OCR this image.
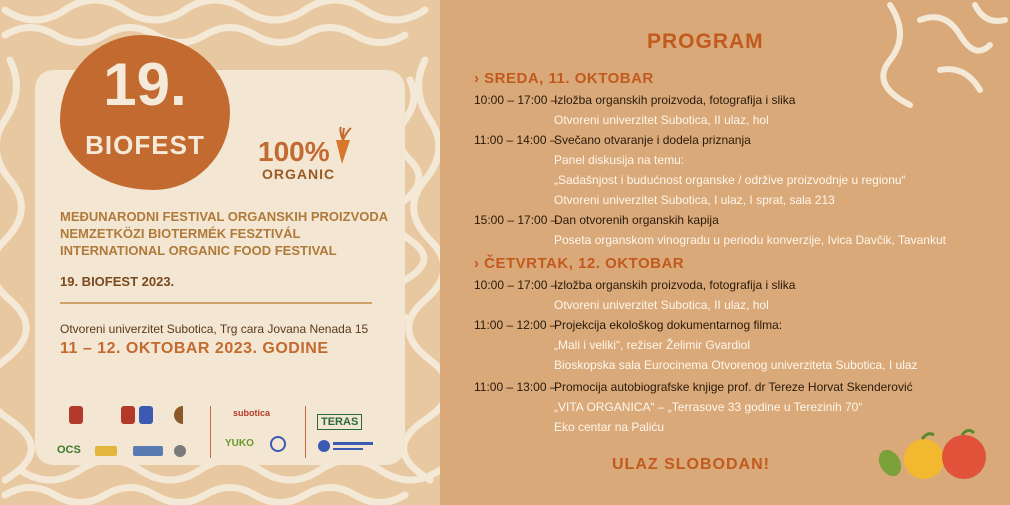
19.
BIOFEST	100%
ORGANIC
MEĐUNARODNI FESTIVAL ORGANSKIH PROIZVODA
NEMZETKÖZI BIOTERMÉK FESZTIVÁL
INTERNATIONAL ORGANIC FOOD FESTIVAL
19. BIOFEST 2023.
Otvoreni univerzitet Subotica, Trg cara Jovana Nenada 15
11 – 12. OKTOBAR 2023. GODINE
OCS
subotica
YUKO
TERAS
PROGRAM
› SREDA, 11. OKTOBAR
10:00 – 17:00 –Izložba organskih proizvoda, fotografija i slika
Otvoreni univerzitet Subotica, II ulaz, hol
11:00 – 14:00 –Svečano otvaranje i dodela priznanja
Panel diskusija na temu:
„Sadašnjost i budućnost organske / održive proizvodnje u regionu“
Otvoreni univerzitet Subotica, I ulaz, I sprat, sala 213
15:00 – 17:00 –Dan otvorenih organskih kapija
Poseta organskom vinogradu u periodu konverzije, Ivica Davčik, Tavankut
› ČETVRTAK, 12. OKTOBAR
10:00 – 17:00 –Izložba organskih proizvoda, fotografija i slika
Otvoreni univerzitet Subotica, II ulaz, hol
11:00 – 12:00 –Projekcija ekološkog dokumentarnog filma:
„Mali i veliki“, režiser Želimir Gvardiol
Bioskopska sala Eurocinema Otvorenog univerziteta Subotica, I ulaz
11:00 – 13:00 –Promocija autobiografske knjige prof. dr Tereze Horvat Skenderović
„VITA ORGANICA“ – „Terrasove 33 godine u Terezinih 70“
Eko centar na Paliću
ULAZ SLOBODAN!
